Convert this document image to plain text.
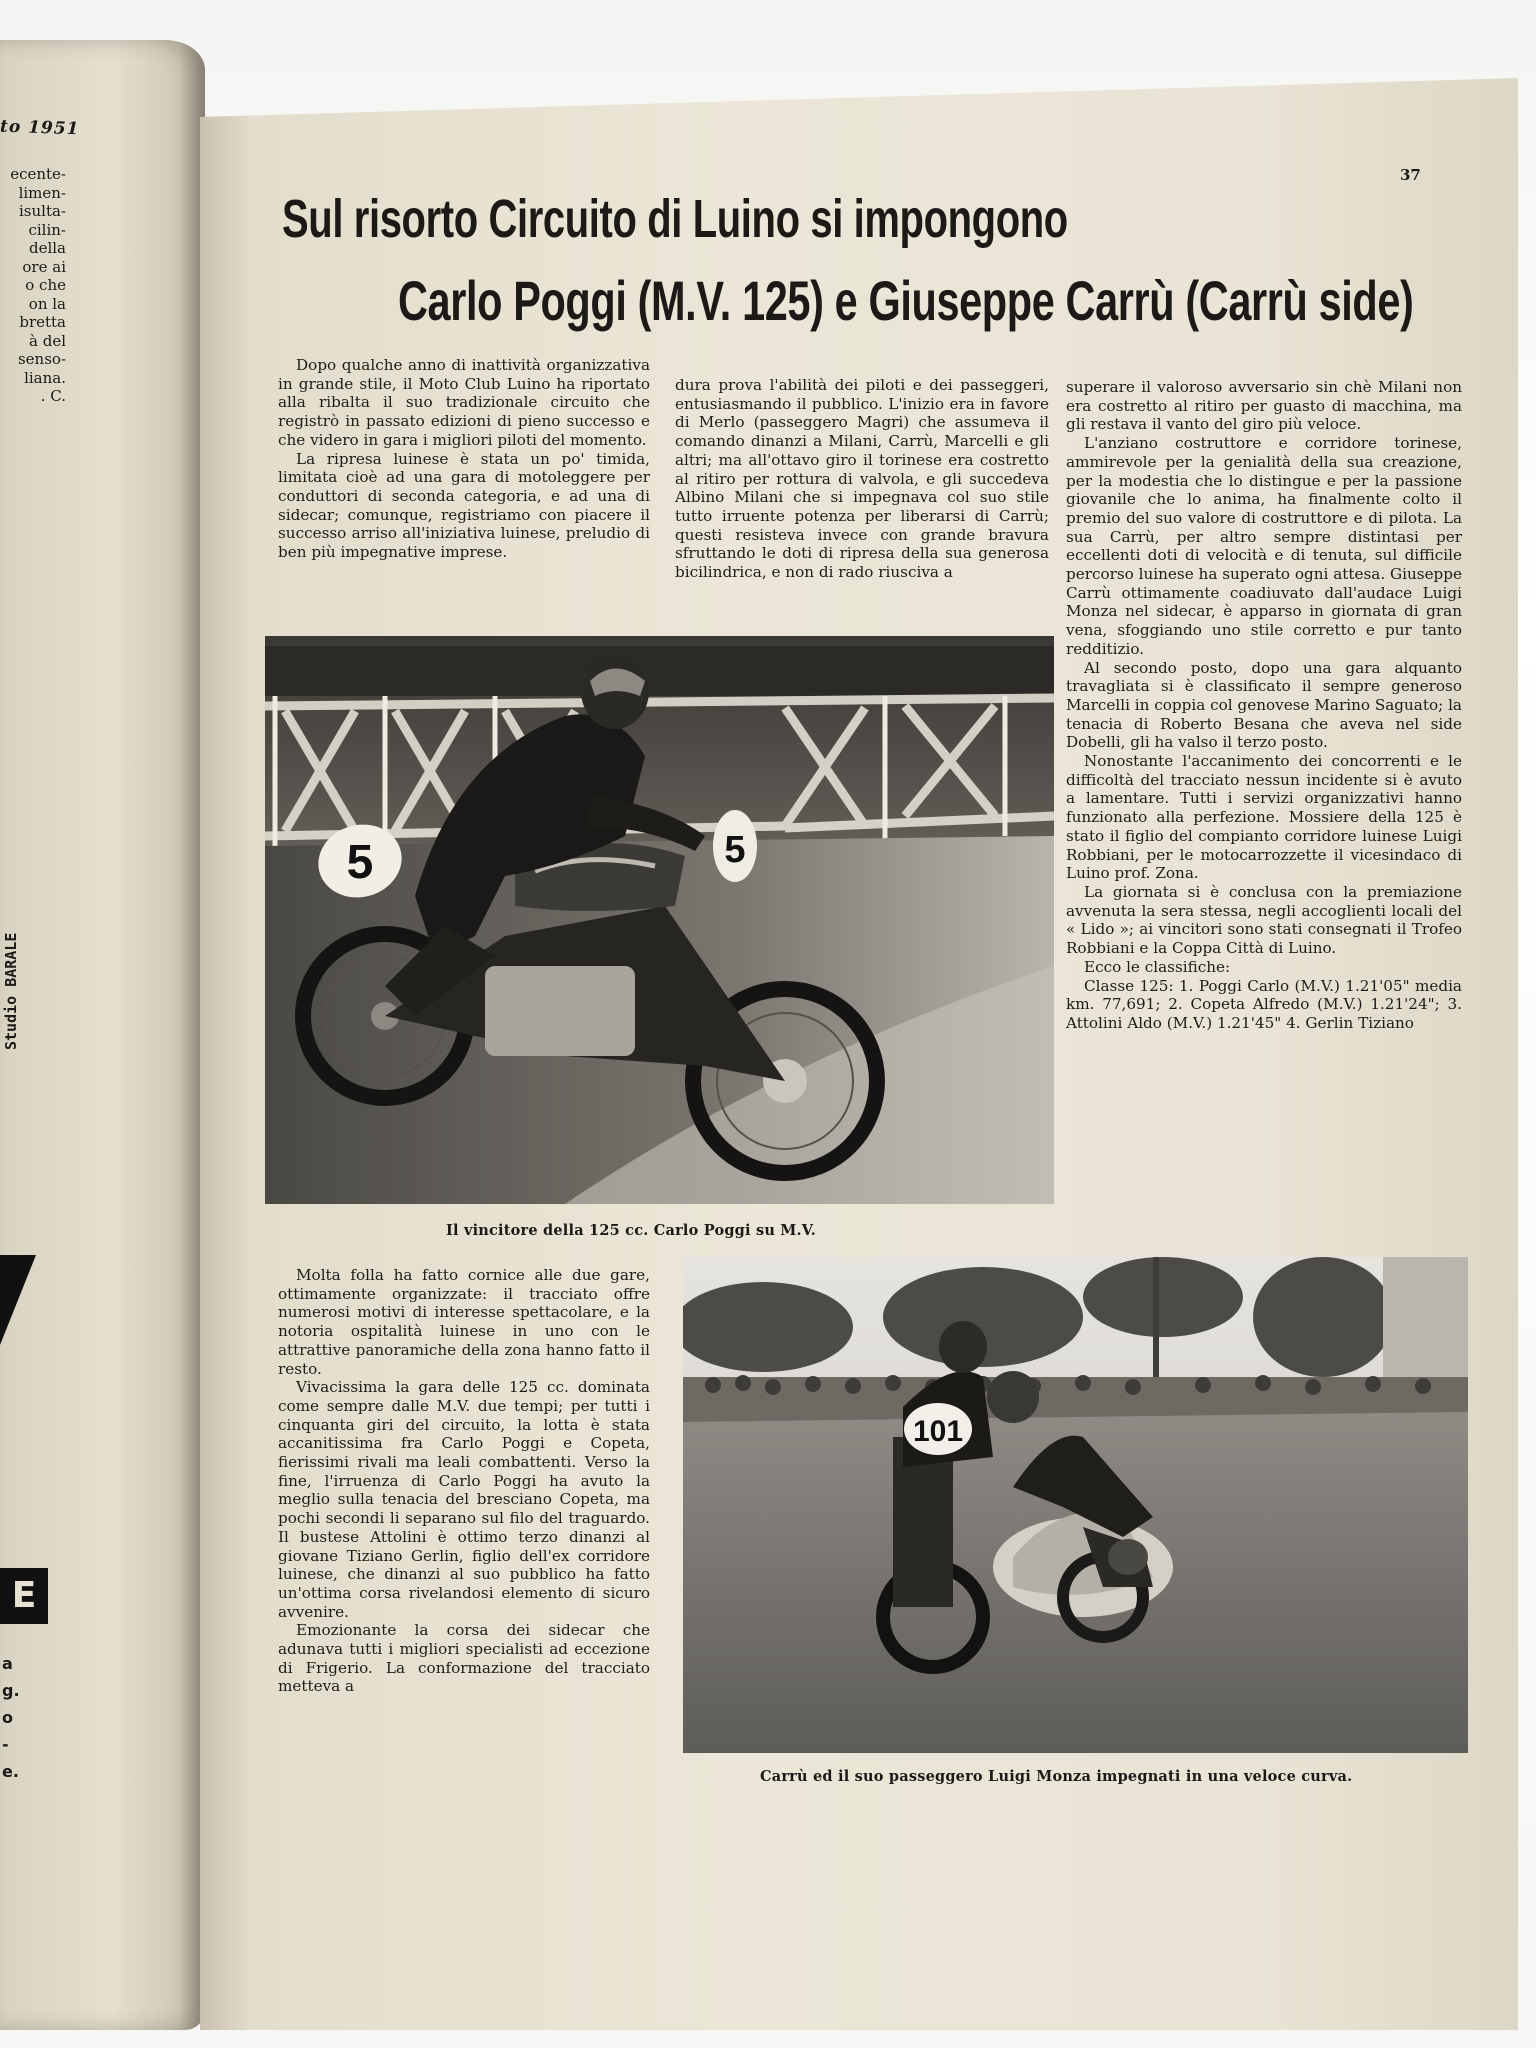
to 1951
ecente-
limen-
isulta-
cilin-
della
ore ai
o che
on la
bretta
à del
senso-
liana.
. C.
Studio BARALE
E
a
g.
o
-
e.
37
Sul risorto Circuito di Luino si impongono
Carlo Poggi (M.V. 125) e Giuseppe Carrù (Carrù side)

Dopo qualche anno di inattività organizzativa in grande stile, il Moto Club Luino ha riportato alla ribalta il suo tradizionale circuito che registrò in passato edizioni di pieno successo e che videro in gara i migliori piloti del momento.

La ripresa luinese è stata un po' timida, limitata cioè ad una gara di motoleggere per conduttori di seconda categoria, e ad una di sidecar; comunque, registriamo con piacere il successo arriso all'iniziativa luinese, preludio di ben più impegnative imprese.

dura prova l'abilità dei piloti e dei passeggeri, entusiasmando il pubblico. L'inizio era in favore di Merlo (passeggero Magri) che assumeva il comando dinanzi a Milani, Carrù, Marcelli e gli altri; ma all'ottavo giro il torinese era costretto al ritiro per rottura di valvola, e gli succedeva Albino Milani che si impegnava col suo stile tutto irruente potenza per liberarsi di Carrù; questi resisteva invece con grande bravura sfruttando le doti di ripresa della sua generosa bicilindrica, e non di rado riusciva a

superare il valoroso avversario sin chè Milani non era costretto al ritiro per guasto di macchina, ma gli restava il vanto del giro più veloce.

L'anziano costruttore e corridore torinese, ammirevole per la genialità della sua creazione, per la modestia che lo distingue e per la passione giovanile che lo anima, ha finalmente colto il premio del suo valore di costruttore e di pilota. La sua Carrù, per altro sempre distintasi per eccellenti doti di velocità e di tenuta, sul difficile percorso luinese ha superato ogni attesa. Giuseppe Carrù ottimamente coadiuvato dall'audace Luigi Monza nel sidecar, è apparso in giornata di gran vena, sfoggiando uno stile corretto e pur tanto redditizio.

Al secondo posto, dopo una gara alquanto travagliata si è classificato il sempre generoso Marcelli in coppia col genovese Marino Saguato; la tenacia di Roberto Besana che aveva nel side Dobelli, gli ha valso il terzo posto.

Nonostante l'accanimento dei concorrenti e le difficoltà del tracciato nessun incidente si è avuto a lamentare. Tutti i servizi organizzativi hanno funzionato alla perfezione. Mossiere della 125 è stato il figlio del compianto corridore luinese Luigi Robbiani, per le motocarrozzette il vicesindaco di Luino prof. Zona.

La giornata si è conclusa con la premiazione avvenuta la sera stessa, negli accoglienti locali del « Lido »; ai vincitori sono stati consegnati il Trofeo Robbiani e la Coppa Città di Luino.

Ecco le classifiche:

Classe 125: 1. Poggi Carlo (M.V.) 1.21'05" media km. 77,691; 2. Copeta Alfredo (M.V.) 1.21'24"; 3. Attolini Aldo (M.V.) 1.21'45" 4. Gerlin Tiziano

Molta folla ha fatto cornice alle due gare, ottimamente organizzate: il tracciato offre numerosi motivi di interesse spettacolare, e la notoria ospitalità luinese in uno con le attrattive panoramiche della zona hanno fatto il resto.

Vivacissima la gara delle 125 cc. dominata come sempre dalle M.V. due tempi; per tutti i cinquanta giri del circuito, la lotta è stata accanitissima fra Carlo Poggi e Copeta, fierissimi rivali ma leali combattenti. Verso la fine, l'irruenza di Carlo Poggi ha avuto la meglio sulla tenacia del bresciano Copeta, ma pochi secondi li separano sul filo del traguardo. Il bustese Attolini è ottimo terzo dinanzi al giovane Tiziano Gerlin, figlio dell'ex corridore luinese, che dinanzi al suo pubblico ha fatto un'ottima corsa rivelandosi elemento di sicuro avvenire.

Emozionante la corsa dei sidecar che adunava tutti i migliori specialisti ad eccezione di Frigerio. La conformazione del tracciato metteva a

5	5
Il vincitore della 125 cc. Carlo Poggi su M.V.
101
Carrù ed il suo passeggero Luigi Monza impegnati in una veloce curva.
